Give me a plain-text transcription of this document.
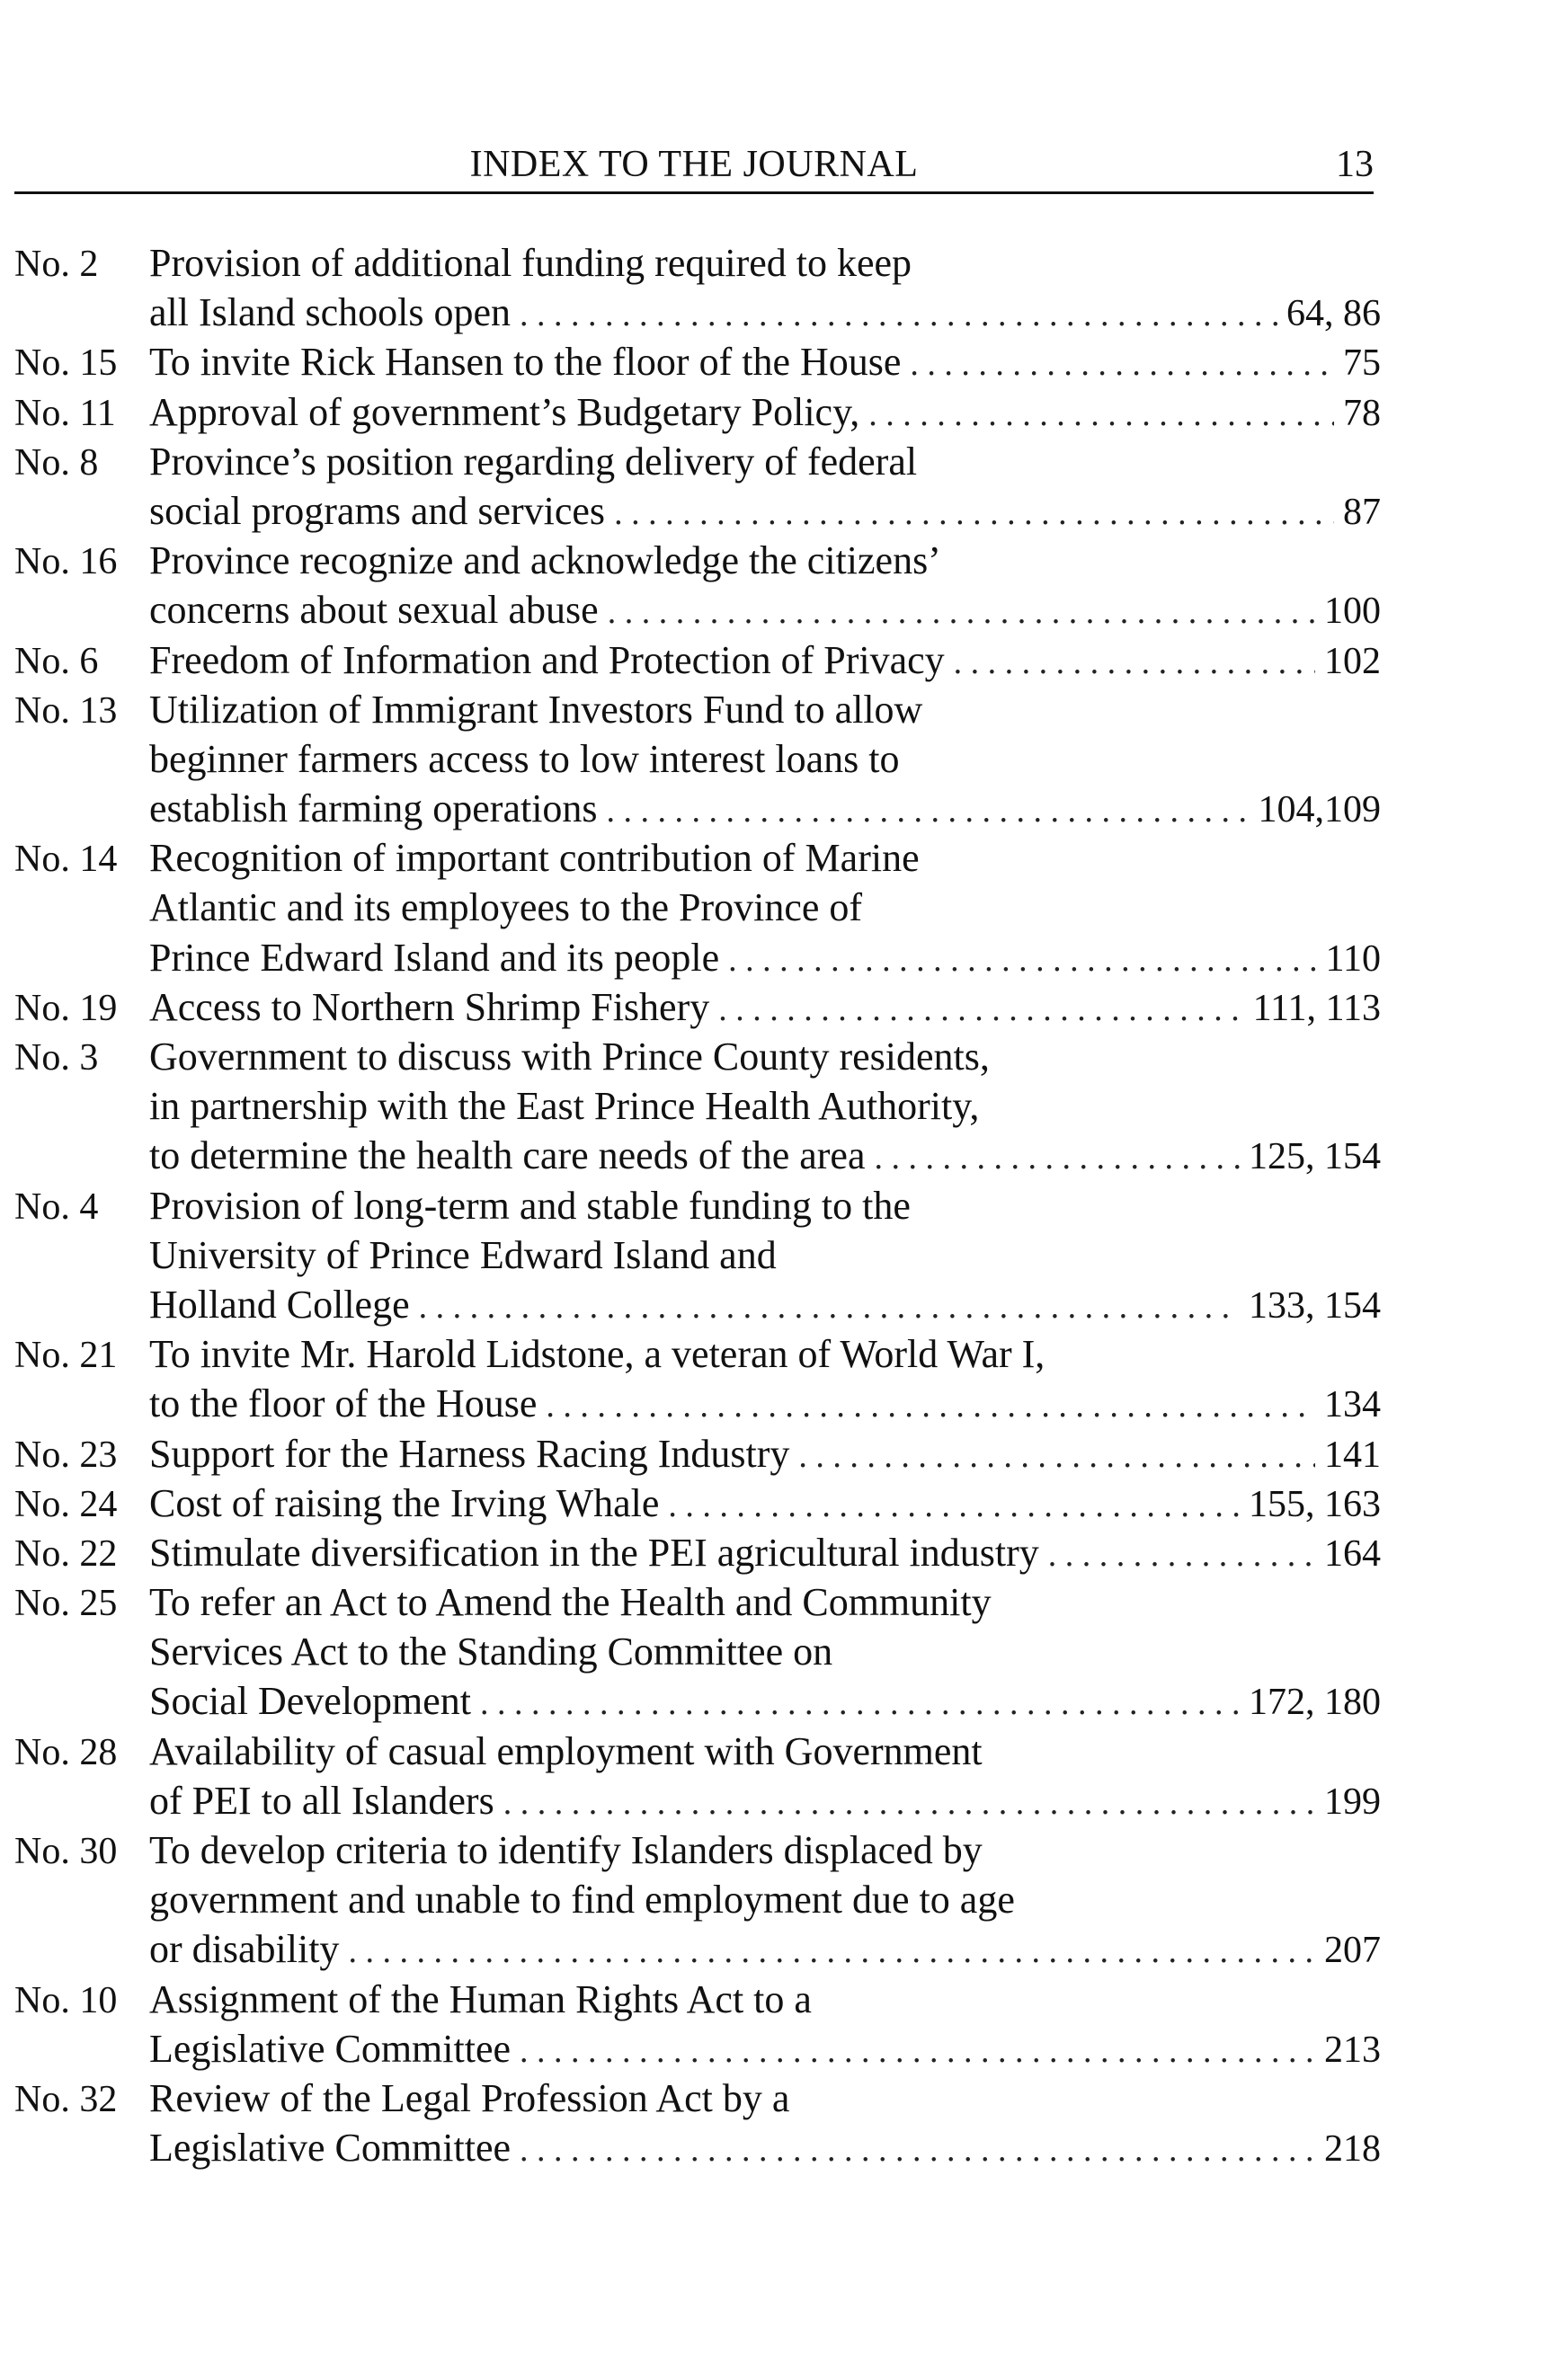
INDEX TO THE JOURNAL	13
No. 2	Provision of additional funding required to keep
all Island schools open . . .	64, 86
No. 15 To invite Rick Hansen to the floor of the House . . .	75
No. 11 Approval of government’s Budgetary Policy, . . .	78
No. 8	Province’s position regarding delivery of federal
social programs and services . . .	87
No. 16 Province recognize and acknowledge the citizens’
concerns about sexual abuse . . .	100
No. 6	Freedom of Information and Protection of Privacy . . .	102
No. 13 Utilization of Immigrant Investors Fund to allow
beginner farmers access to low interest loans to
establish farming operations . . .	104,109
No. 14 Recognition of important contribution of Marine
Atlantic and its employees to the Province of
Prince Edward Island and its people . . .	110
No. 19 Access to Northern Shrimp Fishery . . .	111, 113
No. 3	Government to discuss with Prince County residents,
in partnership with the East Prince Health Authority,
to determine the health care needs of the area . . .	125, 154
No. 4	Provision of long-term and stable funding to the
University of Prince Edward Island and
Holland College . . .	133, 154
No. 21 To invite Mr. Harold Lidstone, a veteran of World War I,
to the floor of the House . . .	134
No. 23 Support for the Harness Racing Industry . . .	141
No. 24 Cost of raising the Irving Whale . . .	155, 163
No. 22 Stimulate diversification in the PEI agricultural industry . . .	164
No. 25 To refer an Act to Amend the Health and Community
Services Act to the Standing Committee on
Social Development . . .	172, 180
No. 28 Availability of casual employment with Government
of PEI to all Islanders . . .	199
No. 30 To develop criteria to identify Islanders displaced by
government and unable to find employment due to age
or disability . . .	207
No. 10 Assignment of the Human Rights Act to a
Legislative Committee . . .	213
No. 32 Review of the Legal Profession Act by a
Legislative Committee . . .	218
